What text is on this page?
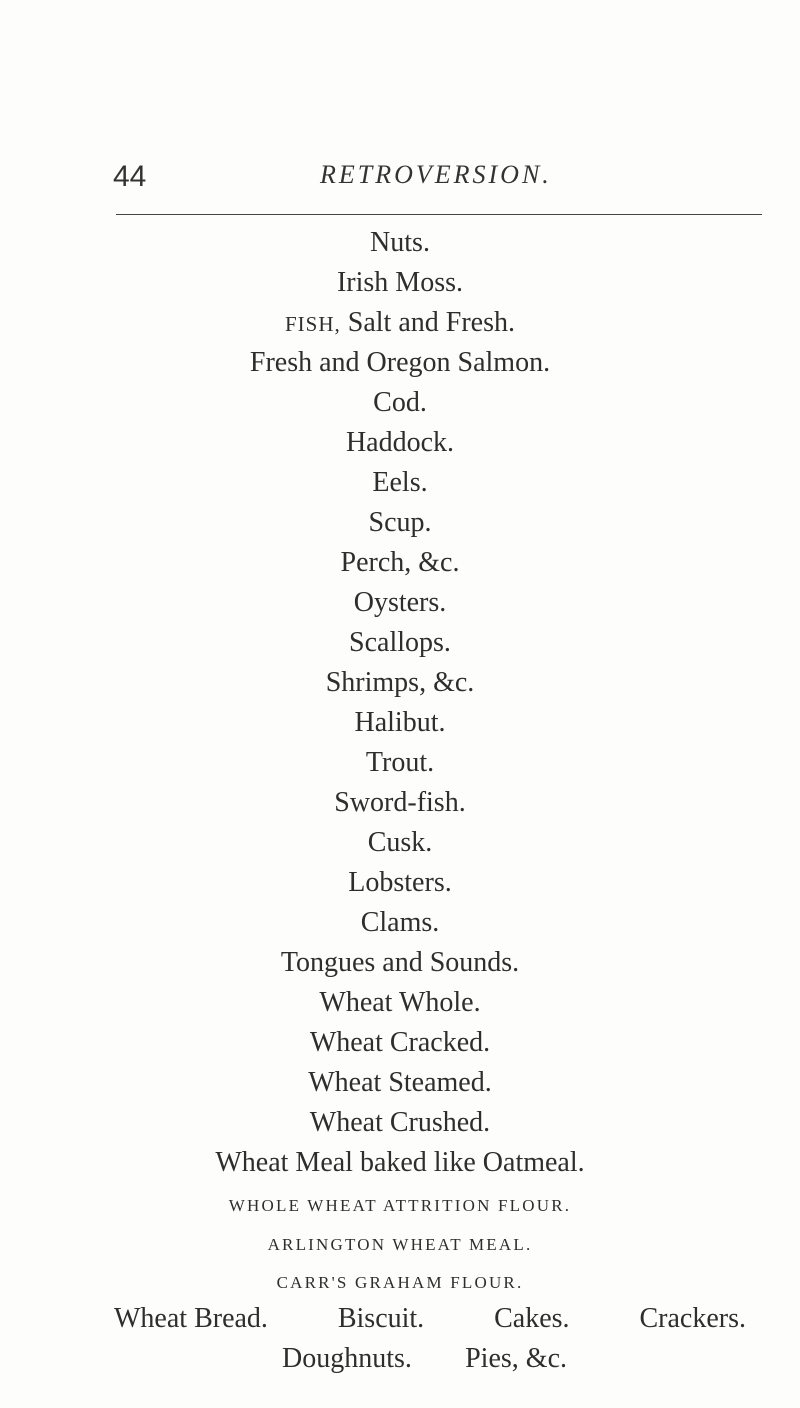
44	RETROVERSION.
Nuts.
Irish Moss.
FISH, Salt and Fresh.
Fresh and Oregon Salmon.
Cod.
Haddock.
Eels.
Scup.
Perch, &c.
Oysters.
Scallops.
Shrimps, &c.
Halibut.
Trout.
Sword-fish.
Cusk.
Lobsters.
Clams.
Tongues and Sounds.
Wheat Whole.
Wheat Cracked.
Wheat Steamed.
Wheat Crushed.
Wheat Meal baked like Oatmeal.
WHOLE WHEAT ATTRITION FLOUR.
ARLINGTON WHEAT MEAL.
CARR'S GRAHAM FLOUR.
Wheat Bread. Biscuit. Cakes. Crackers.
Doughnuts. Pies, &c.
